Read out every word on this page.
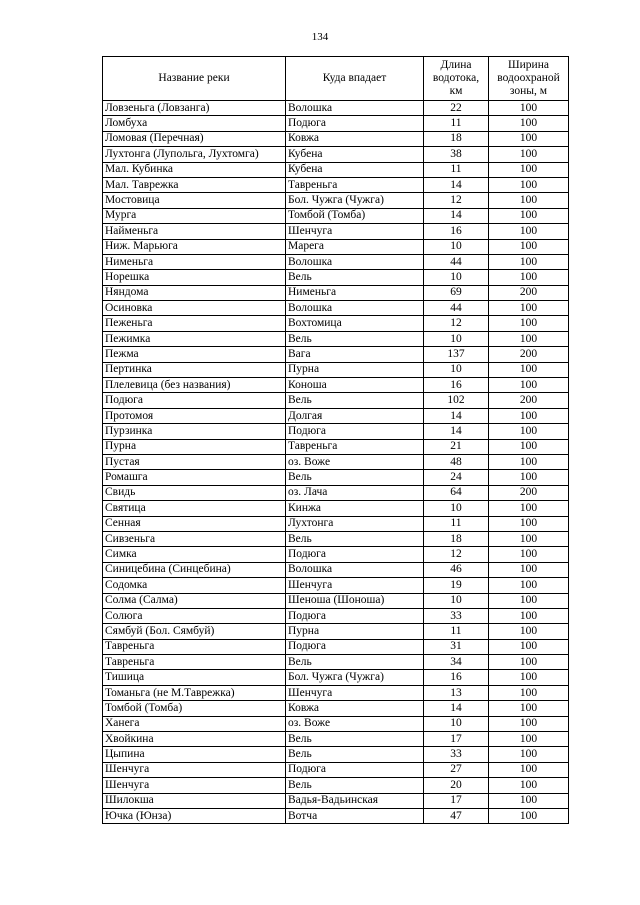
134
Название реки	Куда впадает	Длина водотока, км	Ширина водоохраной зоны, м
Ловзеньга (Ловзанга)	Волошка	22	100
Ломбуха	Подюга	11	100
Ломовая (Перечная)	Ковжа	18	100
Лухтонга (Лупольга, Лухтомга)	Кубена	38	100
Мал. Кубинка	Кубена	11	100
Мал. Таврежка	Тавреньга	14	100
Мостовица	Бол. Чужга (Чужга)	12	100
Мурга	Томбой (Томба)	14	100
Найменьга	Шенчуга	16	100
Ниж. Марьюга	Марега	10	100
Нименьга	Волошка	44	100
Норешка	Вель	10	100
Няндома	Нименьга	69	200
Осиновка	Волошка	44	100
Пеженьга	Вохтомица	12	100
Пежимка	Вель	10	100
Пежма	Вага	137	200
Пертинка	Пурна	10	100
Плелевица (без названия)	Коноша	16	100
Подюга	Вель	102	200
Протомоя	Долгая	14	100
Пурзинка	Подюга	14	100
Пурна	Тавреньга	21	100
Пустая	оз. Воже	48	100
Ромашга	Вель	24	100
Свидь	оз. Лача	64	200
Святица	Кинжа	10	100
Сенная	Лухтонга	11	100
Сивзеньга	Вель	18	100
Симка	Подюга	12	100
Синицебина (Синцебина)	Волошка	46	100
Содомка	Шенчуга	19	100
Солма (Салма)	Шеноша (Шоноша)	10	100
Солюга	Подюга	33	100
Сямбуй (Бол. Сямбуй)	Пурна	11	100
Тавреньга	Подюга	31	100
Тавреньга	Вель	34	100
Тишица	Бол. Чужга (Чужга)	16	100
Томаньга (не М.Таврежка)	Шенчуга	13	100
Томбой (Томба)	Ковжа	14	100
Ханега	оз. Воже	10	100
Хвойкина	Вель	17	100
Цыпина	Вель	33	100
Шенчуга	Подюга	27	100
Шенчуга	Вель	20	100
Шилокша	Вадья-Вадьинская	17	100
Ючка (Юнза)	Вотча	47	100
